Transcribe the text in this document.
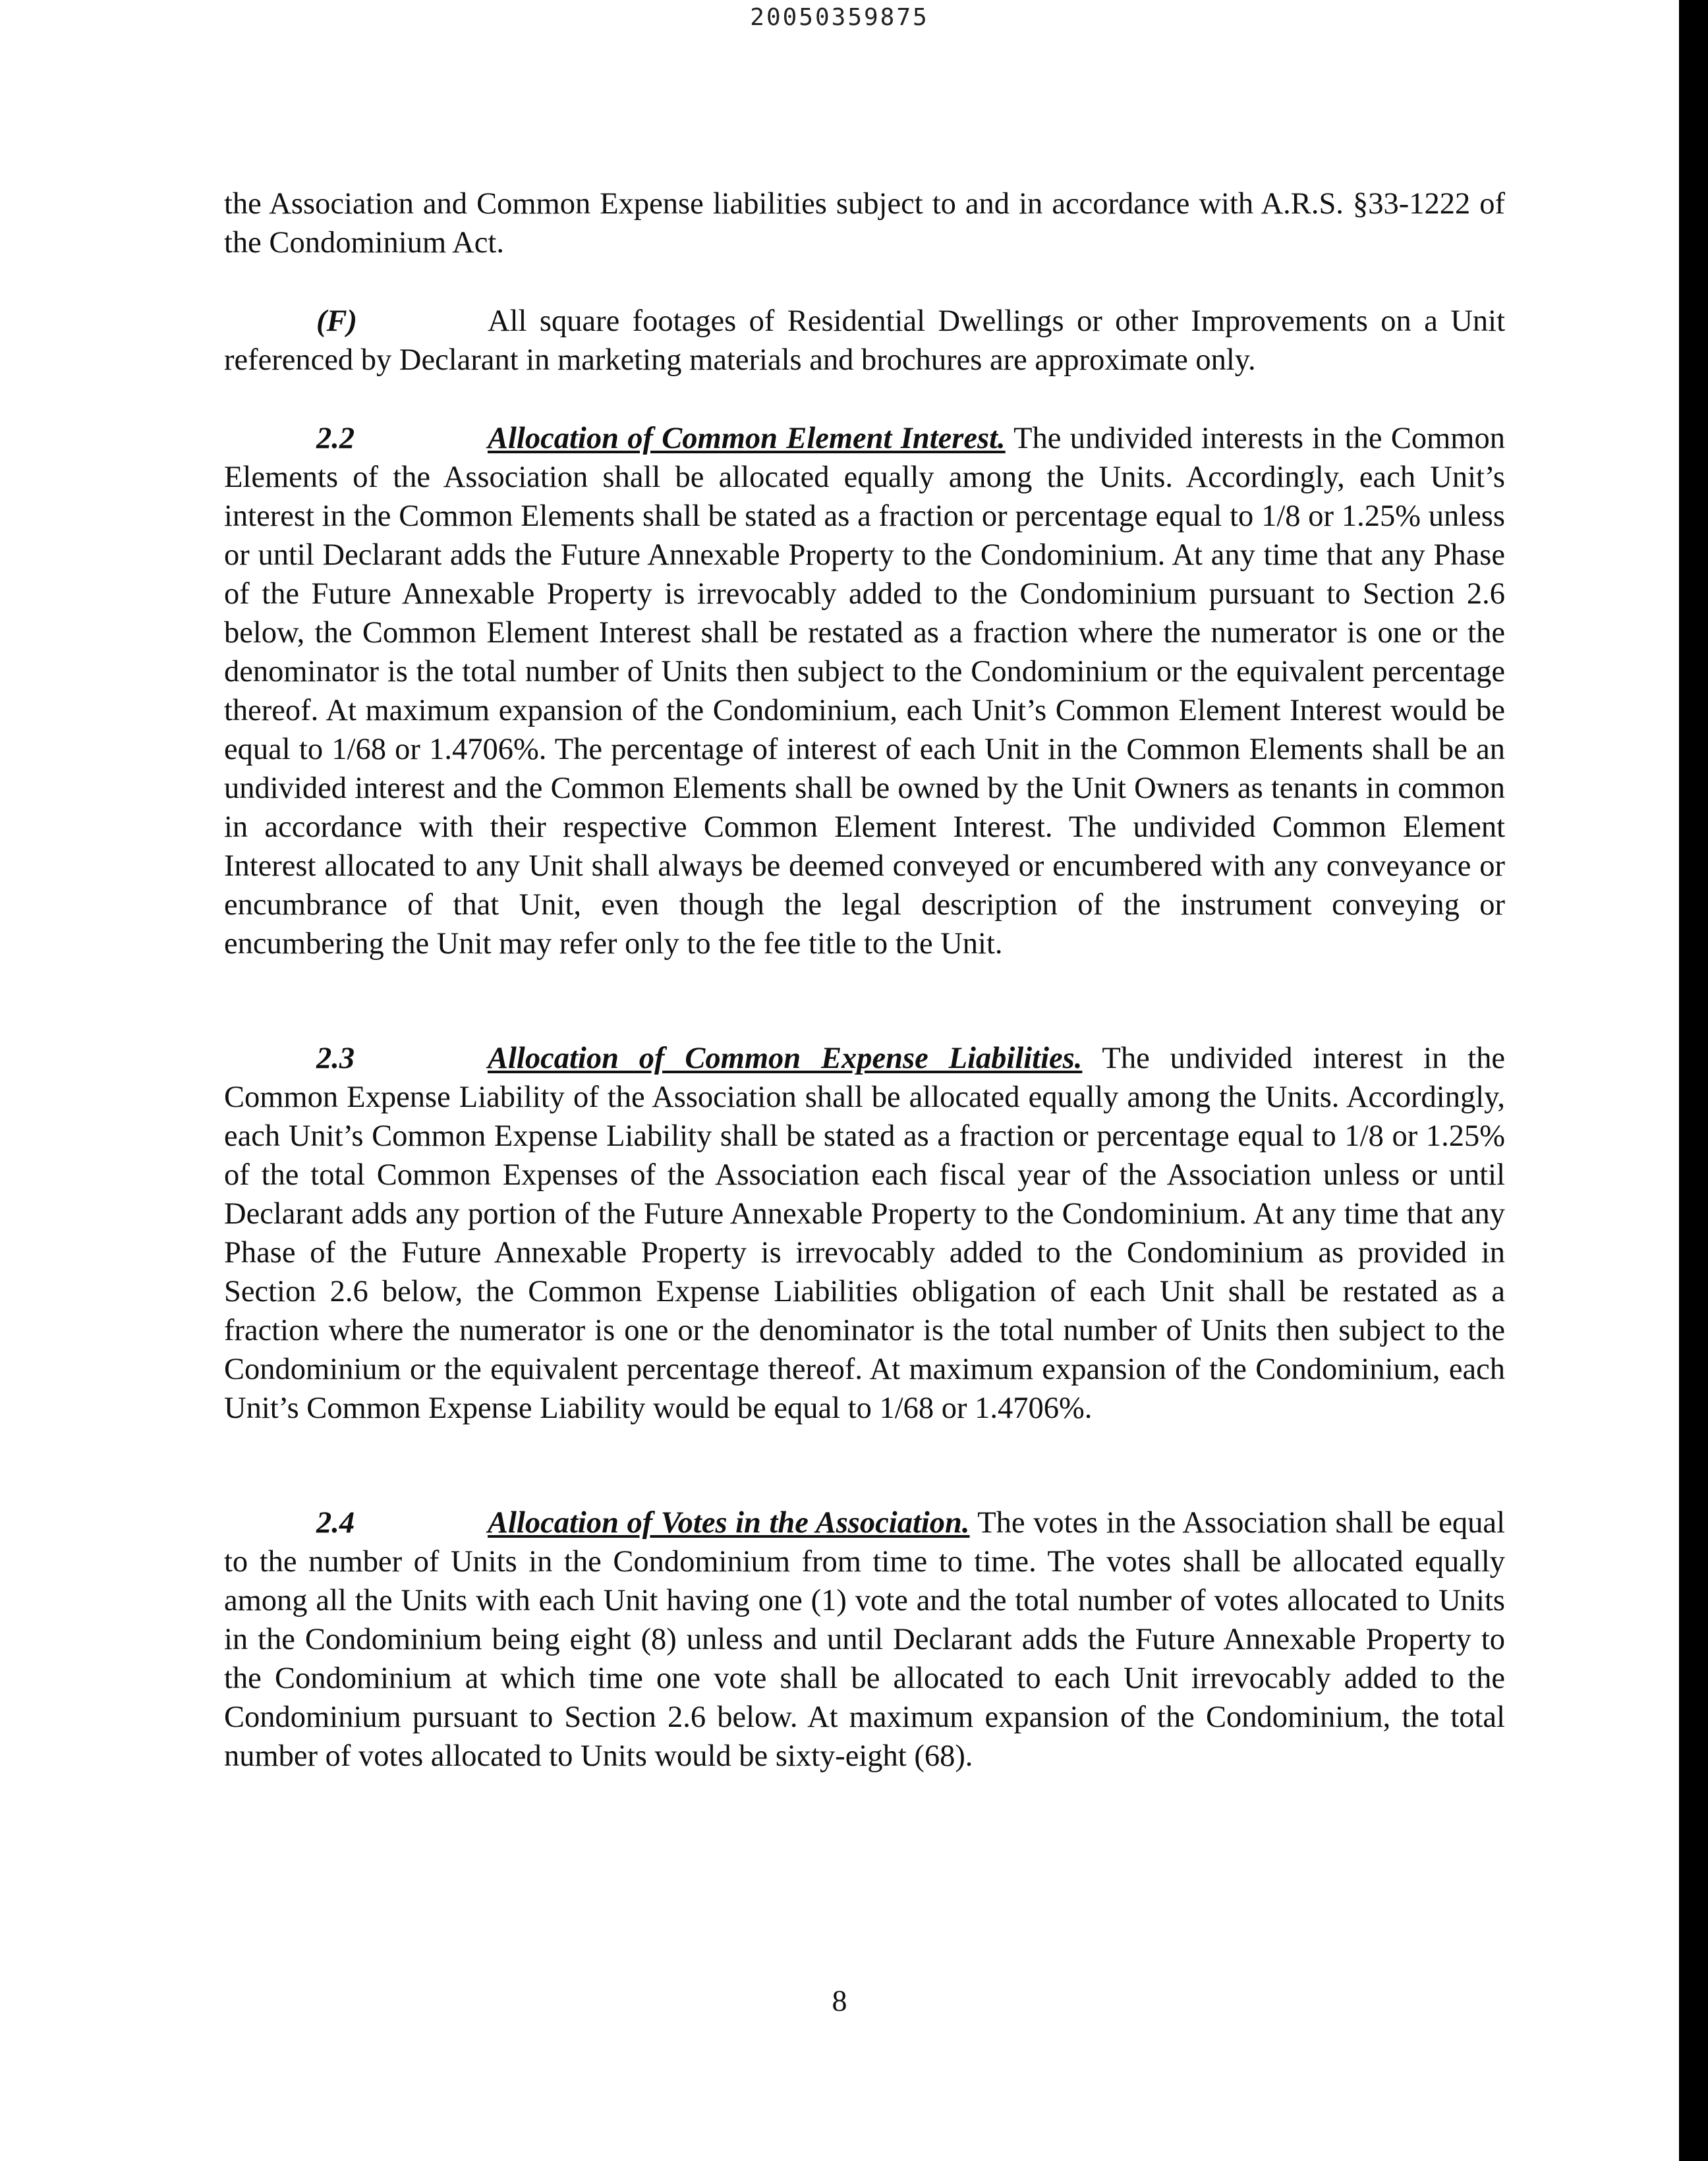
20050359875

the Association and Common Expense liabilities subject to and in accordance with A.R.S. §33-1222 of the Condominium Act.

(F)	All square footages of Residential Dwellings or other Improvements on a Unit referenced by Declarant in marketing materials and brochures are approximate only.

2.2	Allocation of Common Element Interest. The undivided interests in the Common Elements of the Association shall be allocated equally among the Units. Accordingly, each Unit’s interest in the Common Elements shall be stated as a fraction or percentage equal to 1/8 or 1.25% unless or until Declarant adds the Future Annexable Property to the Condominium. At any time that any Phase of the Future Annexable Property is irrevocably added to the Condominium pursuant to Section 2.6 below, the Common Element Interest shall be restated as a fraction where the numerator is one or the denominator is the total number of Units then subject to the Condominium or the equivalent percentage thereof. At maximum expansion of the Condominium, each Unit’s Common Element Interest would be equal to 1/68 or 1.4706%. The percentage of interest of each Unit in the Common Elements shall be an undivided interest and the Common Elements shall be owned by the Unit Owners as tenants in common in accordance with their respective Common Element Interest. The undivided Common Element Interest allocated to any Unit shall always be deemed conveyed or encumbered with any conveyance or encumbrance of that Unit, even though the legal description of the instrument conveying or encumbering the Unit may refer only to the fee title to the Unit.

2.3	Allocation of Common Expense Liabilities. The undivided interest in the Common Expense Liability of the Association shall be allocated equally among the Units. Accordingly, each Unit’s Common Expense Liability shall be stated as a fraction or percentage equal to 1/8 or 1.25% of the total Common Expenses of the Association each fiscal year of the Association unless or until Declarant adds any portion of the Future Annexable Property to the Condominium. At any time that any Phase of the Future Annexable Property is irrevocably added to the Condominium as provided in Section 2.6 below, the Common Expense Liabilities obligation of each Unit shall be restated as a fraction where the numerator is one or the denominator is the total number of Units then subject to the Condominium or the equivalent percentage thereof. At maximum expansion of the Condominium, each Unit’s Common Expense Liability would be equal to 1/68 or 1.4706%.

2.4	Allocation of Votes in the Association. The votes in the Association shall be equal to the number of Units in the Condominium from time to time. The votes shall be allocated equally among all the Units with each Unit having one (1) vote and the total number of votes allocated to Units in the Condominium being eight (8) unless and until Declarant adds the Future Annexable Property to the Condominium at which time one vote shall be allocated to each Unit irrevocably added to the Condominium pursuant to Section 2.6 below. At maximum expansion of the Condominium, the total number of votes allocated to Units would be sixty-eight (68).

8
